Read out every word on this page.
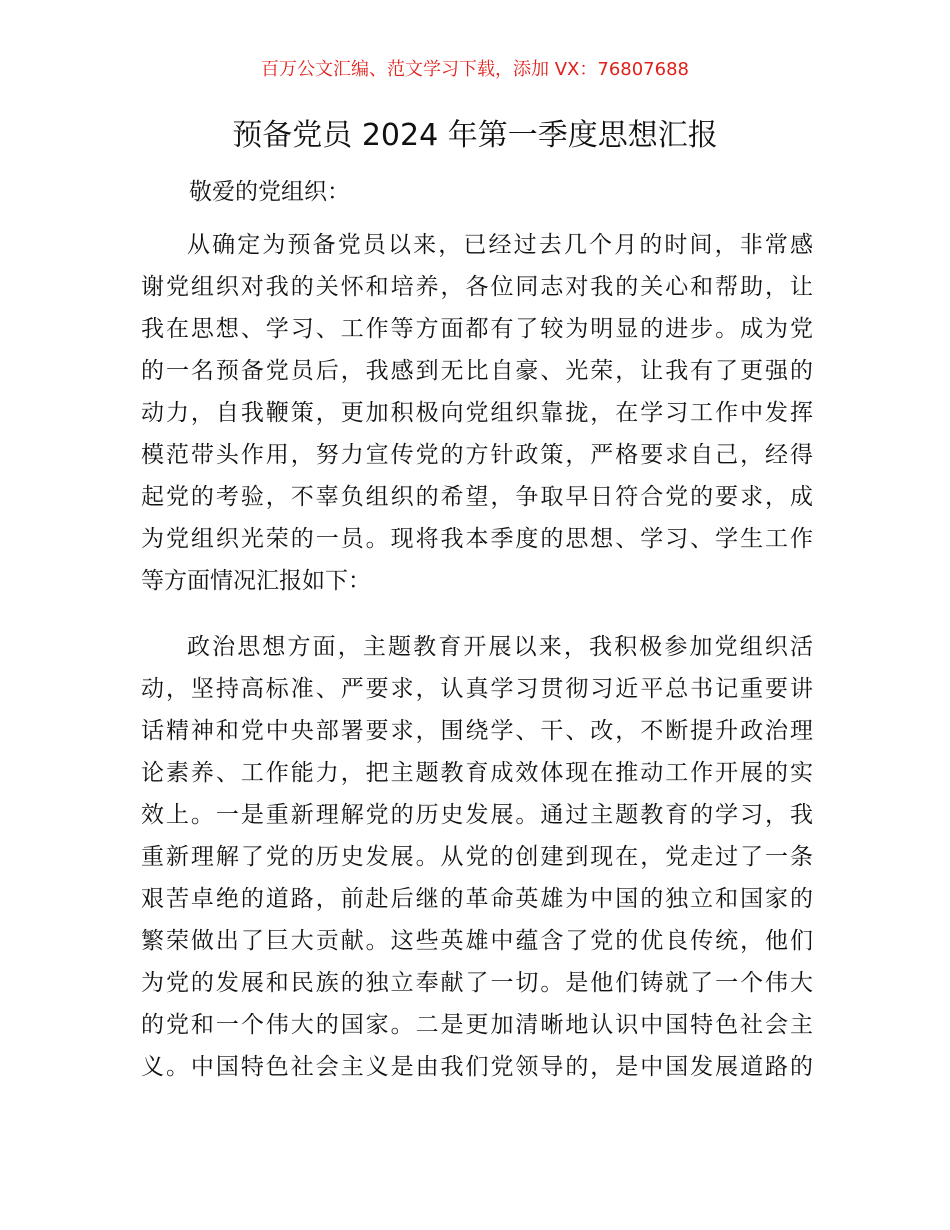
百万公文汇编、范文学习下载，添加 VX：76807688
预备党员 2024 年第一季度思想汇报
敬爱的党组织：
从确定为预备党员以来，已经过去几个月的时间，非常感
谢党组织对我的关怀和培养，各位同志对我的关心和帮助，让
我在思想、学习、工作等方面都有了较为明显的进步。成为党
的一名预备党员后，我感到无比自豪、光荣，让我有了更强的
动力，自我鞭策，更加积极向党组织靠拢，在学习工作中发挥
模范带头作用，努力宣传党的方针政策，严格要求自己，经得
起党的考验，不辜负组织的希望，争取早日符合党的要求，成
为党组织光荣的一员。现将我本季度的思想、学习、学生工作
等方面情况汇报如下：
政治思想方面，主题教育开展以来，我积极参加党组织活
动，坚持高标准、严要求，认真学习贯彻习近平总书记重要讲
话精神和党中央部署要求，围绕学、干、改，不断提升政治理
论素养、工作能力，把主题教育成效体现在推动工作开展的实
效上。一是重新理解党的历史发展。通过主题教育的学习，我
重新理解了党的历史发展。从党的创建到现在，党走过了一条
艰苦卓绝的道路，前赴后继的革命英雄为中国的独立和国家的
繁荣做出了巨大贡献。这些英雄中蕴含了党的优良传统，他们
为党的发展和民族的独立奉献了一切。是他们铸就了一个伟大
的党和一个伟大的国家。二是更加清晰地认识中国特色社会主
义。中国特色社会主义是由我们党领导的，是中国发展道路的
